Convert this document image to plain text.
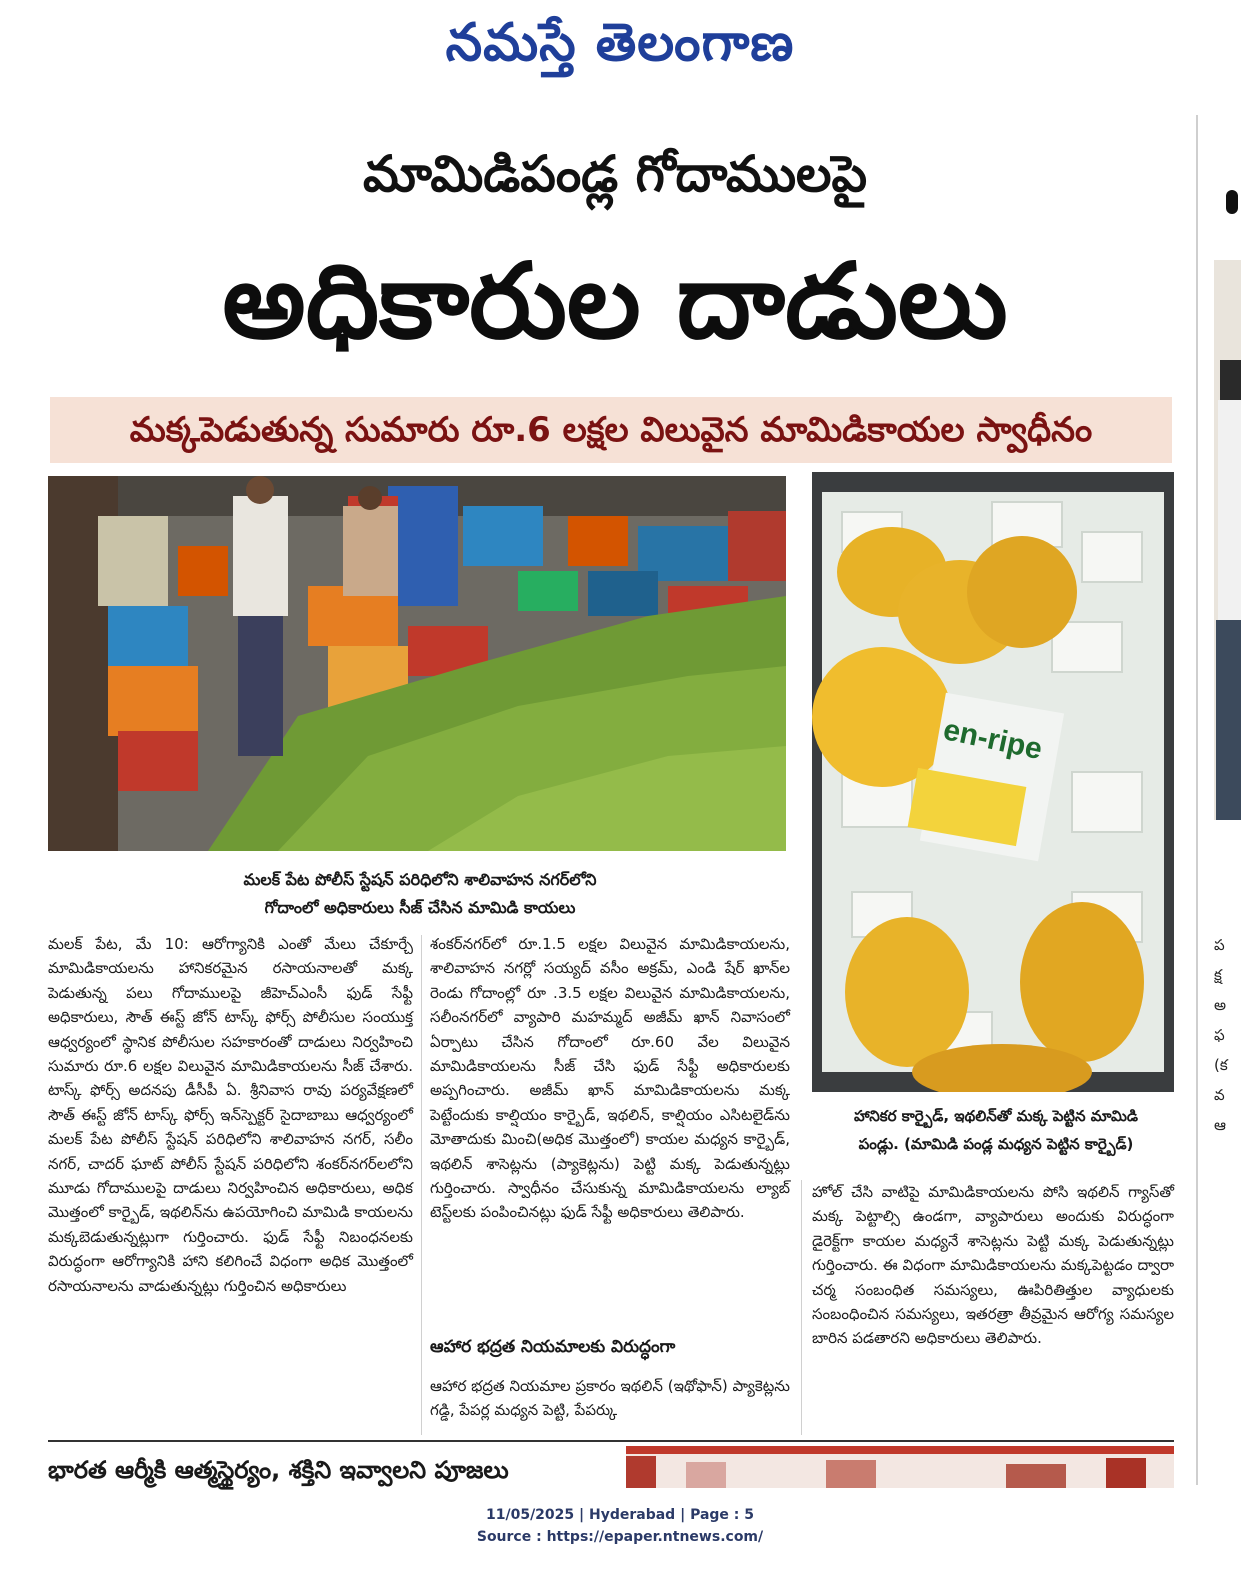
నమస్తే తెలంగాణ
మామిడిపండ్ల గోదాములపై
అధికారుల దాడులు
మక్కపెడుతున్న సుమారు రూ.6 లక్షల విలువైన మామిడికాయల స్వాధీనం
en-ripe
మలక్ పేట పోలీస్ స్టేషన్ పరిధిలోని శాలివాహన నగర్‌లోని
గోదాంలో అధికారులు సీజ్ చేసిన మామిడి కాయలు
హానికర కార్బైడ్, ఇథలిన్‌తో మక్క పెట్టిన మామిడి
పండ్లు. (మామిడి పండ్ల మధ్యన పెట్టిన కార్బైడ్)
మలక్ పేట, మే 10: ఆరోగ్యానికి ఎంతో మేలు చేకూర్చే మామిడికాయలను హానికరమైన రసాయనాలతో మక్క పెడుతున్న పలు గోదాములపై జీహెచ్ఎంసీ ఫుడ్ సేఫ్టీ అధికారులు, సౌత్ ఈస్ట్ జోన్ టాస్క్ ఫోర్స్ పోలీసుల సంయుక్త ఆధ్వర్యంలో స్థానిక పోలీసుల సహకారంతో దాడులు నిర్వహించి సుమారు రూ.6 లక్షల విలువైన మామిడికాయలను సీజ్ చేశారు. టాస్క్ ఫోర్స్ అదనపు డీసీపీ ఏ. శ్రీనివాస రావు పర్యవేక్షణలో సౌత్ ఈస్ట్ జోన్ టాస్క్ ఫోర్స్ ఇన్‌స్పెక్టర్ సైదాబాబు ఆధ్వర్యంలో మలక్ పేట పోలీస్ స్టేషన్ పరిధిలోని శాలివాహన నగర్, సలీం నగర్, చాదర్ ఘాట్ పోలీస్ స్టేషన్ పరిధిలోని శంకర్‌నగర్‌లలోని మూడు గోదాములపై దాడులు నిర్వహించిన అధికారులు, అధిక మొత్తంలో కార్బైడ్, ఇథలిన్‌ను ఉపయోగించి మామిడి కాయలను మక్కబెడుతున్నట్లుగా గుర్తించారు. ఫుడ్ సేఫ్టీ నిబంధనలకు విరుద్ధంగా ఆరోగ్యానికి హాని కలిగించే విధంగా అధిక మొత్తంలో రసాయనాలను వాడుతున్నట్లు గుర్తించిన అధికారులు
శంకర్‌నగర్‌లో రూ.1.5 లక్షల విలువైన మామిడికాయలను, శాలివాహన నగర్లో సయ్యద్ వసీం అక్రమ్, ఎండి షేర్ ఖాన్‌ల రెండు గోదాంల్లో రూ .3.5 లక్షల విలువైన మామిడికాయలను, సలీంనగర్‌లో వ్యాపారి మహమ్మద్ అజీమ్ ఖాన్ నివాసంలో ఏర్పాటు చేసిన గోదాంలో రూ.60 వేల విలువైన మామిడికాయలను సీజ్ చేసి ఫుడ్ సేఫ్టీ అధికారులకు అప్పగించారు. అజీమ్ ఖాన్ మామిడికాయలను మక్క పెట్టేందుకు కాల్షియం కార్బైడ్, ఇథలిన్, కాల్షియం ఎసిటలైడ్‌ను మోతాదుకు మించి(అధిక మొత్తంలో) కాయల మధ్యన కార్బైడ్, ఇథలిన్ శాసెట్లను (ప్యాకెట్లను) పెట్టి మక్క పెడుతున్నట్లు గుర్తించారు. స్వాధీనం చేసుకున్న మామిడికాయలను ల్యాబ్ టెస్ట్‌లకు పంపించినట్లు ఫుడ్ సేఫ్టీ అధికారులు తెలిపారు.
ఆహార భద్రత నియమాలకు విరుద్ధంగా
ఆహార భద్రత నియమాల ప్రకారం ఇథలిన్ (ఇథోఫాన్) ప్యాకెట్లను గడ్డి, పేపర్ల మధ్యన పెట్టి, పేపర్కు
హోల్ చేసి వాటిపై మామిడికాయలను పోసి ఇథలిన్ గ్యాస్‌తో మక్క పెట్టాల్సి ఉండగా, వ్యాపారులు అందుకు విరుద్ధంగా డైరెక్ట్‌గా కాయల మధ్యనే శాసెట్లను పెట్టి మక్క పెడుతున్నట్లు గుర్తించారు. ఈ విధంగా మామిడికాయలను మక్కపెట్టడం ద్వారా చర్మ సంబంధిత సమస్యలు, ఊపిరితిత్తుల వ్యాధులకు సంబంధించిన సమస్యలు, ఇతరత్రా తీవ్రమైన ఆరోగ్య సమస్యల బారిన పడతారని అధికారులు తెలిపారు.
భారత ఆర్మీకి ఆత్మస్థైర్యం, శక్తిని ఇవ్వాలని పూజలు
ప
క్ష
అ
ఫ
(క
వ
ఆ
11/05/2025 | Hyderabad | Page : 5
Source : https://epaper.ntnews.com/
